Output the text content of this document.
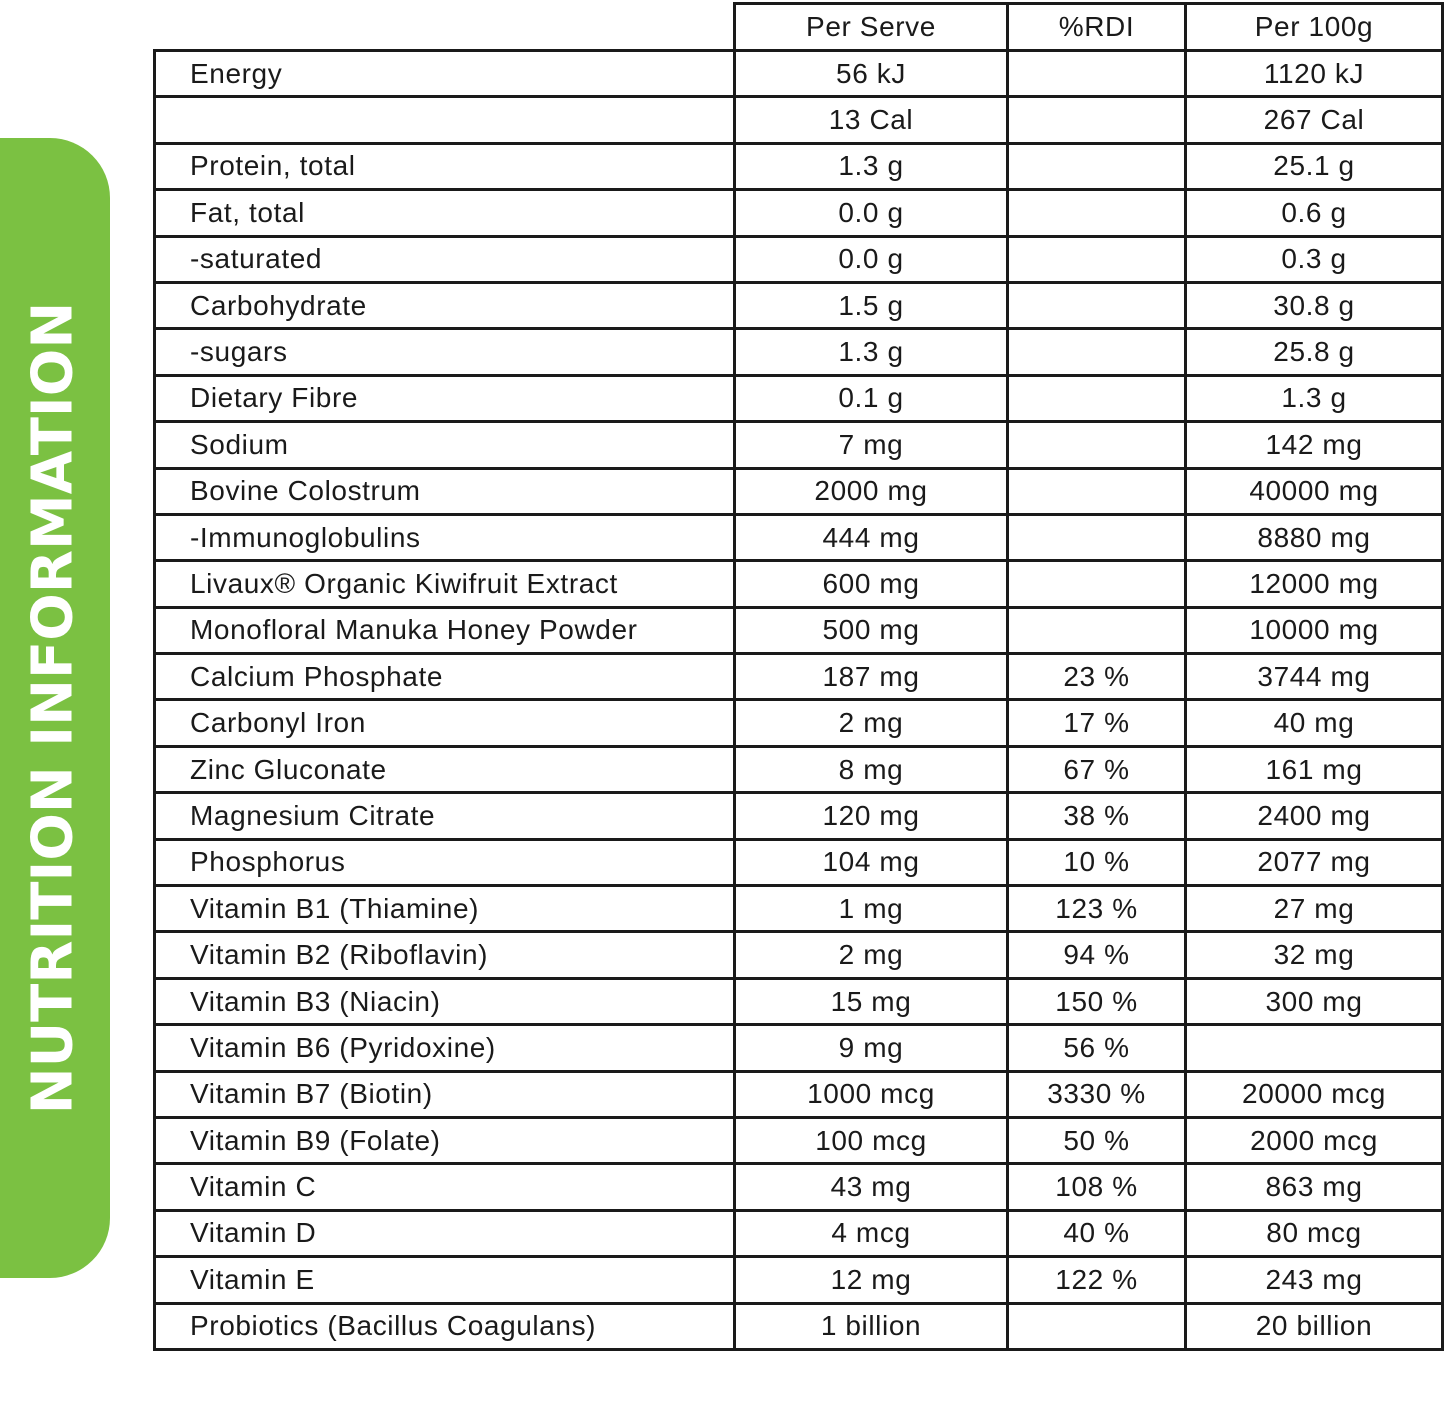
NUTRITION INFORMATION
	Per Serve	%RDI	Per 100g
Energy	56 kJ		1120 kJ
	13 Cal		267 Cal
Protein, total	1.3 g		25.1 g
Fat, total	0.0 g		0.6 g
-saturated	0.0 g		0.3 g
Carbohydrate	1.5 g		30.8 g
-sugars	1.3 g		25.8 g
Dietary Fibre	0.1 g		1.3 g
Sodium	7 mg		142 mg
Bovine Colostrum	2000 mg		40000 mg
-Immunoglobulins	444 mg		8880 mg
Livaux® Organic Kiwifruit Extract	600 mg		12000 mg
Monofloral Manuka Honey Powder	500 mg		10000 mg
Calcium Phosphate	187 mg	23 %	3744 mg
Carbonyl Iron	2 mg	17 %	40 mg
Zinc Gluconate	8 mg	67 %	161 mg
Magnesium Citrate	120 mg	38 %	2400 mg
Phosphorus	104 mg	10 %	2077 mg
Vitamin B1 (Thiamine)	1 mg	123 %	27 mg
Vitamin B2 (Riboflavin)	2 mg	94 %	32 mg
Vitamin B3 (Niacin)	15 mg	150 %	300 mg
Vitamin B6 (Pyridoxine)	9 mg	56 %	
Vitamin B7 (Biotin)	1000 mcg	3330 %	20000 mcg
Vitamin B9 (Folate)	100 mcg	50 %	2000 mcg
Vitamin C	43 mg	108 %	863 mg
Vitamin D	4 mcg	40 %	80 mcg
Vitamin E	12 mg	122 %	243 mg
Probiotics (Bacillus Coagulans)	1 billion		20 billion
